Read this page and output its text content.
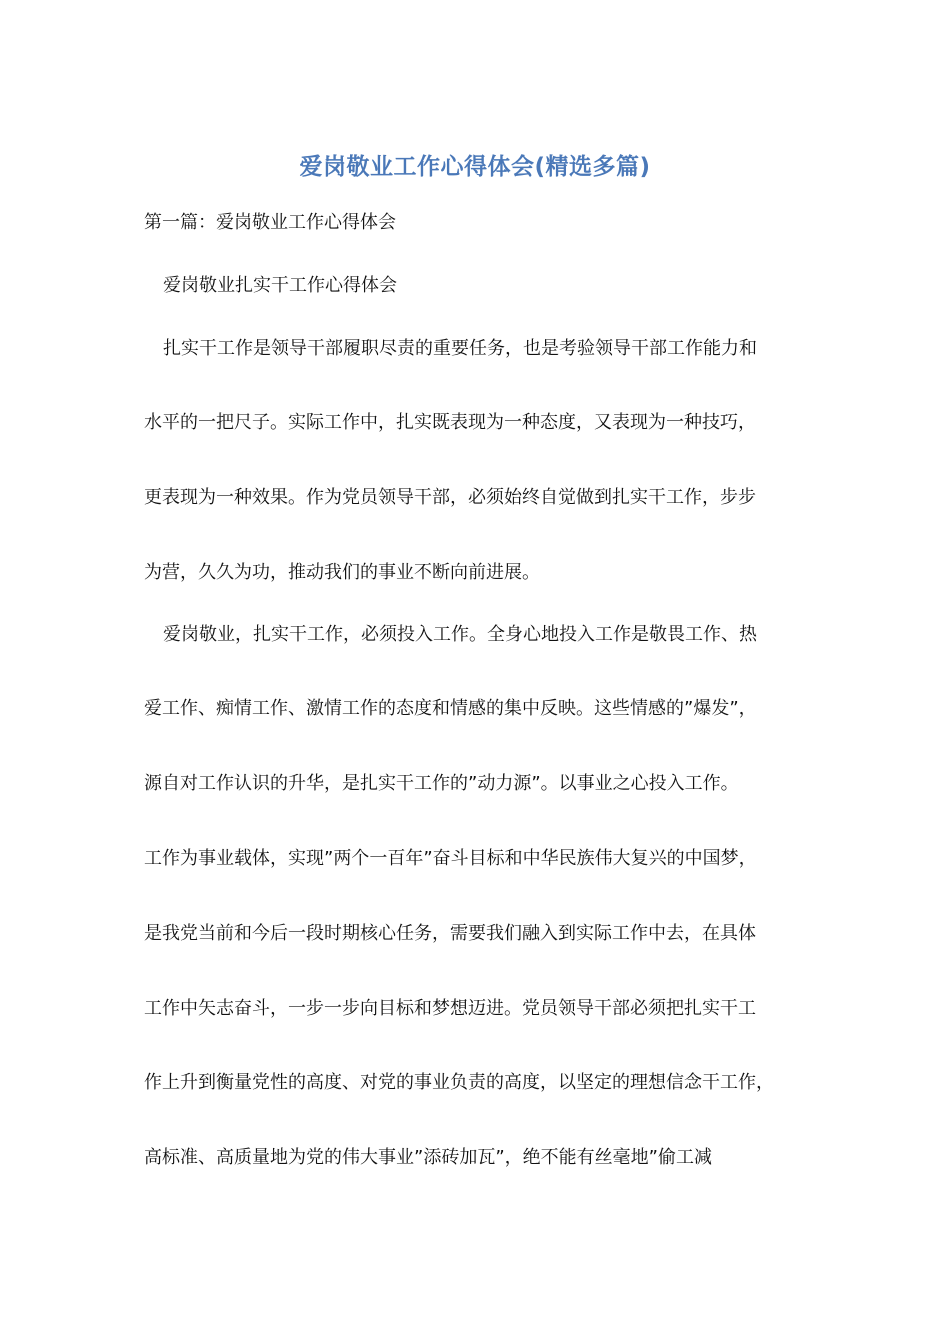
爱岗敬业工作心得体会(精选多篇)
第一篇：爱岗敬业工作心得体会
爱岗敬业扎实干工作心得体会
扎实干工作是领导干部履职尽责的重要任务，也是考验领导干部工作能力和
水平的一把尺子。实际工作中，扎实既表现为一种态度，又表现为一种技巧，
更表现为一种效果。作为党员领导干部，必须始终自觉做到扎实干工作，步步
为营，久久为功，推动我们的事业不断向前进展。
爱岗敬业，扎实干工作，必须投入工作。全身心地投入工作是敬畏工作、热
爱工作、痴情工作、激情工作的态度和情感的集中反映。这些情感的”爆发”，
源自对工作认识的升华，是扎实干工作的”动力源”。以事业之心投入工作。
工作为事业载体，实现”两个一百年”奋斗目标和中华民族伟大复兴的中国梦，
是我党当前和今后一段时期核心任务，需要我们融入到实际工作中去，在具体
工作中矢志奋斗，一步一步向目标和梦想迈进。党员领导干部必须把扎实干工
作上升到衡量党性的高度、对党的事业负责的高度，以坚定的理想信念干工作，
高标准、高质量地为党的伟大事业”添砖加瓦”，绝不能有丝毫地”偷工减
